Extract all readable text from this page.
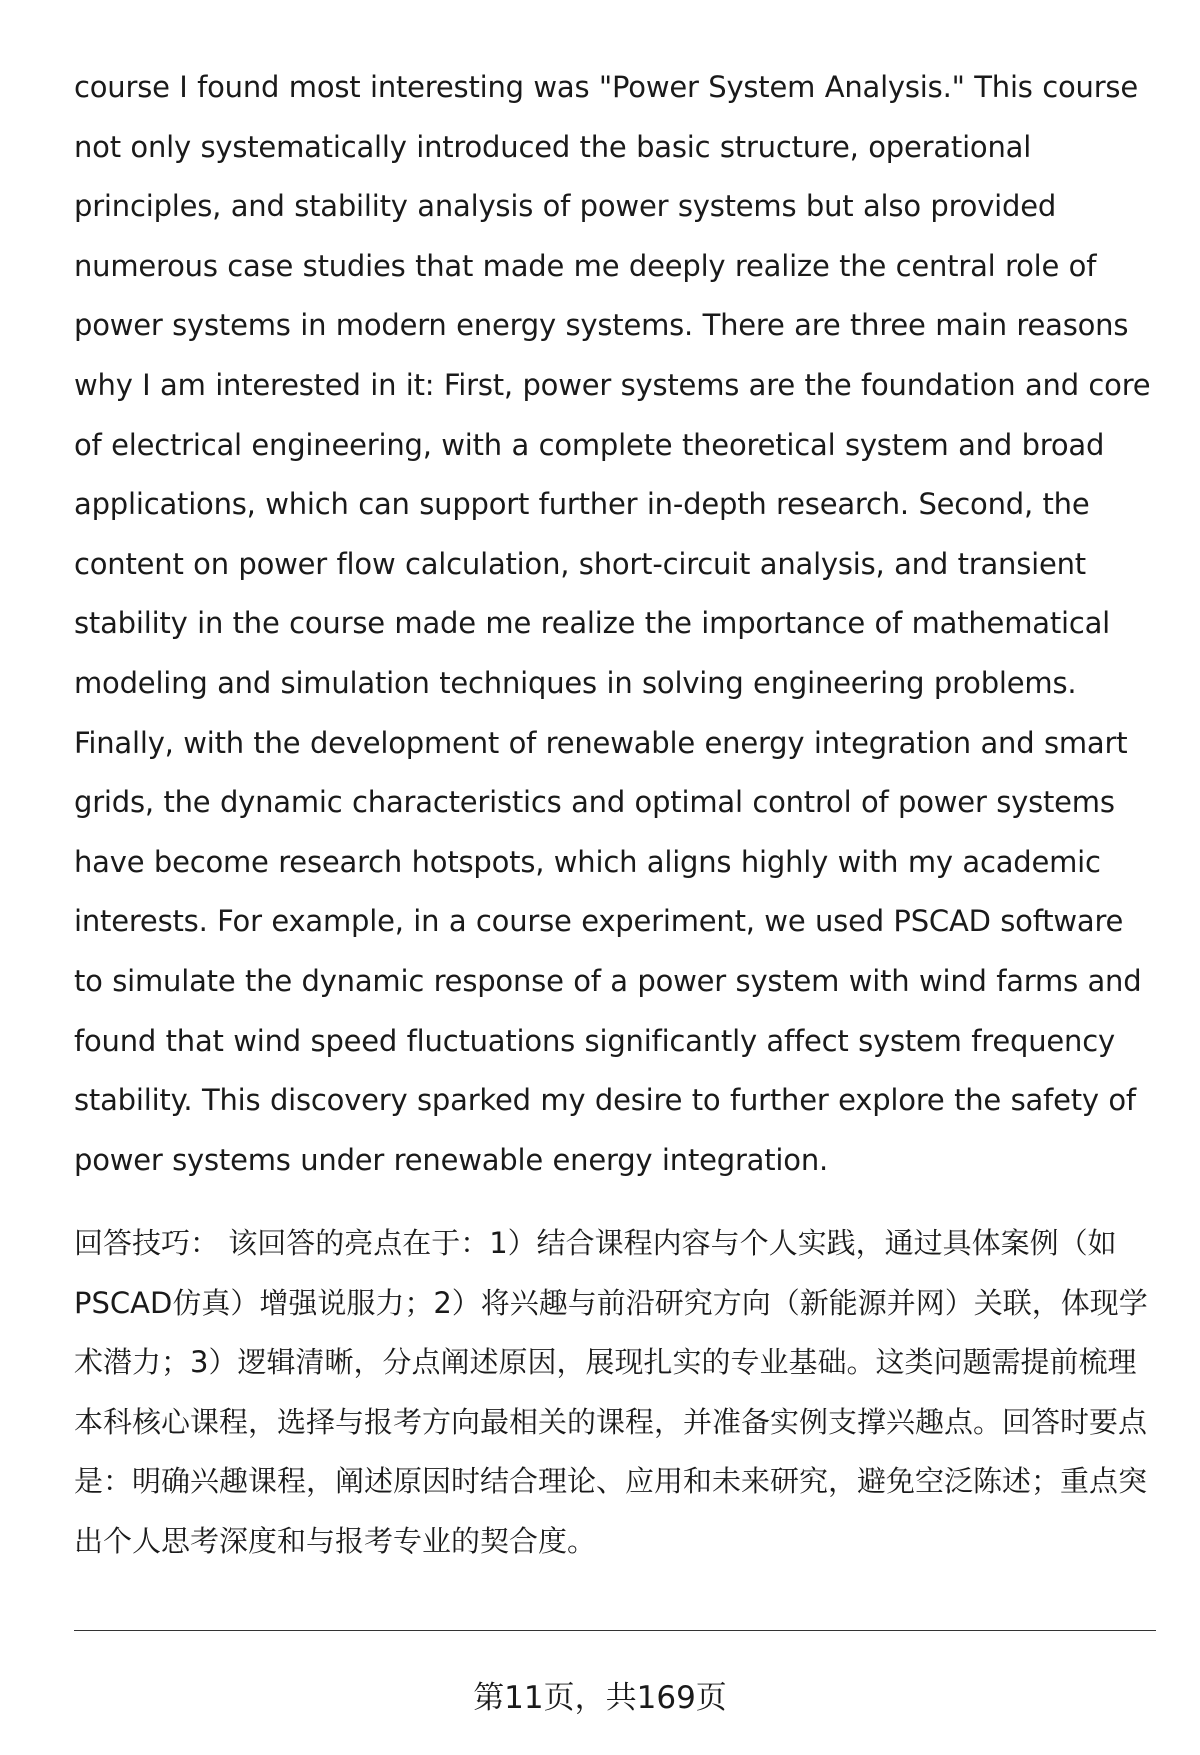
course I found most interesting was "Power System Analysis." This course not only systematically introduced the basic structure, operational principles, and stability analysis of power systems but also provided numerous case studies that made me deeply realize the central role of power systems in modern energy systems. There are three main reasons why I am interested in it: First, power systems are the foundation and core of electrical engineering, with a complete theoretical system and broad applications, which can support further in-depth research. Second, the content on power flow calculation, short-circuit analysis, and transient stability in the course made me realize the importance of mathematical modeling and simulation techniques in solving engineering problems. Finally, with the development of renewable energy integration and smart grids, the dynamic characteristics and optimal control of power systems have become research hotspots, which aligns highly with my academic interests. For example, in a course experiment, we used PSCAD software to simulate the dynamic response of a power system with wind farms and found that wind speed fluctuations significantly affect system frequency stability. This discovery sparked my desire to further explore the safety of power systems under renewable energy integration.

回答技巧： 该回答的亮点在于：1）结合课程内容与个人实践，通过具体案例（如PSCAD仿真）增强说服力；2）将兴趣与前沿研究方向（新能源并网）关联，体现学术潜力；3）逻辑清晰，分点阐述原因，展现扎实的专业基础。这类问题需提前梳理本科核心课程，选择与报考方向最相关的课程，并准备实例支撑兴趣点。回答时要点是：明确兴趣课程，阐述原因时结合理论、应用和未来研究，避免空泛陈述；重点突出个人思考深度和与报考专业的契合度。

第11页，共169页
